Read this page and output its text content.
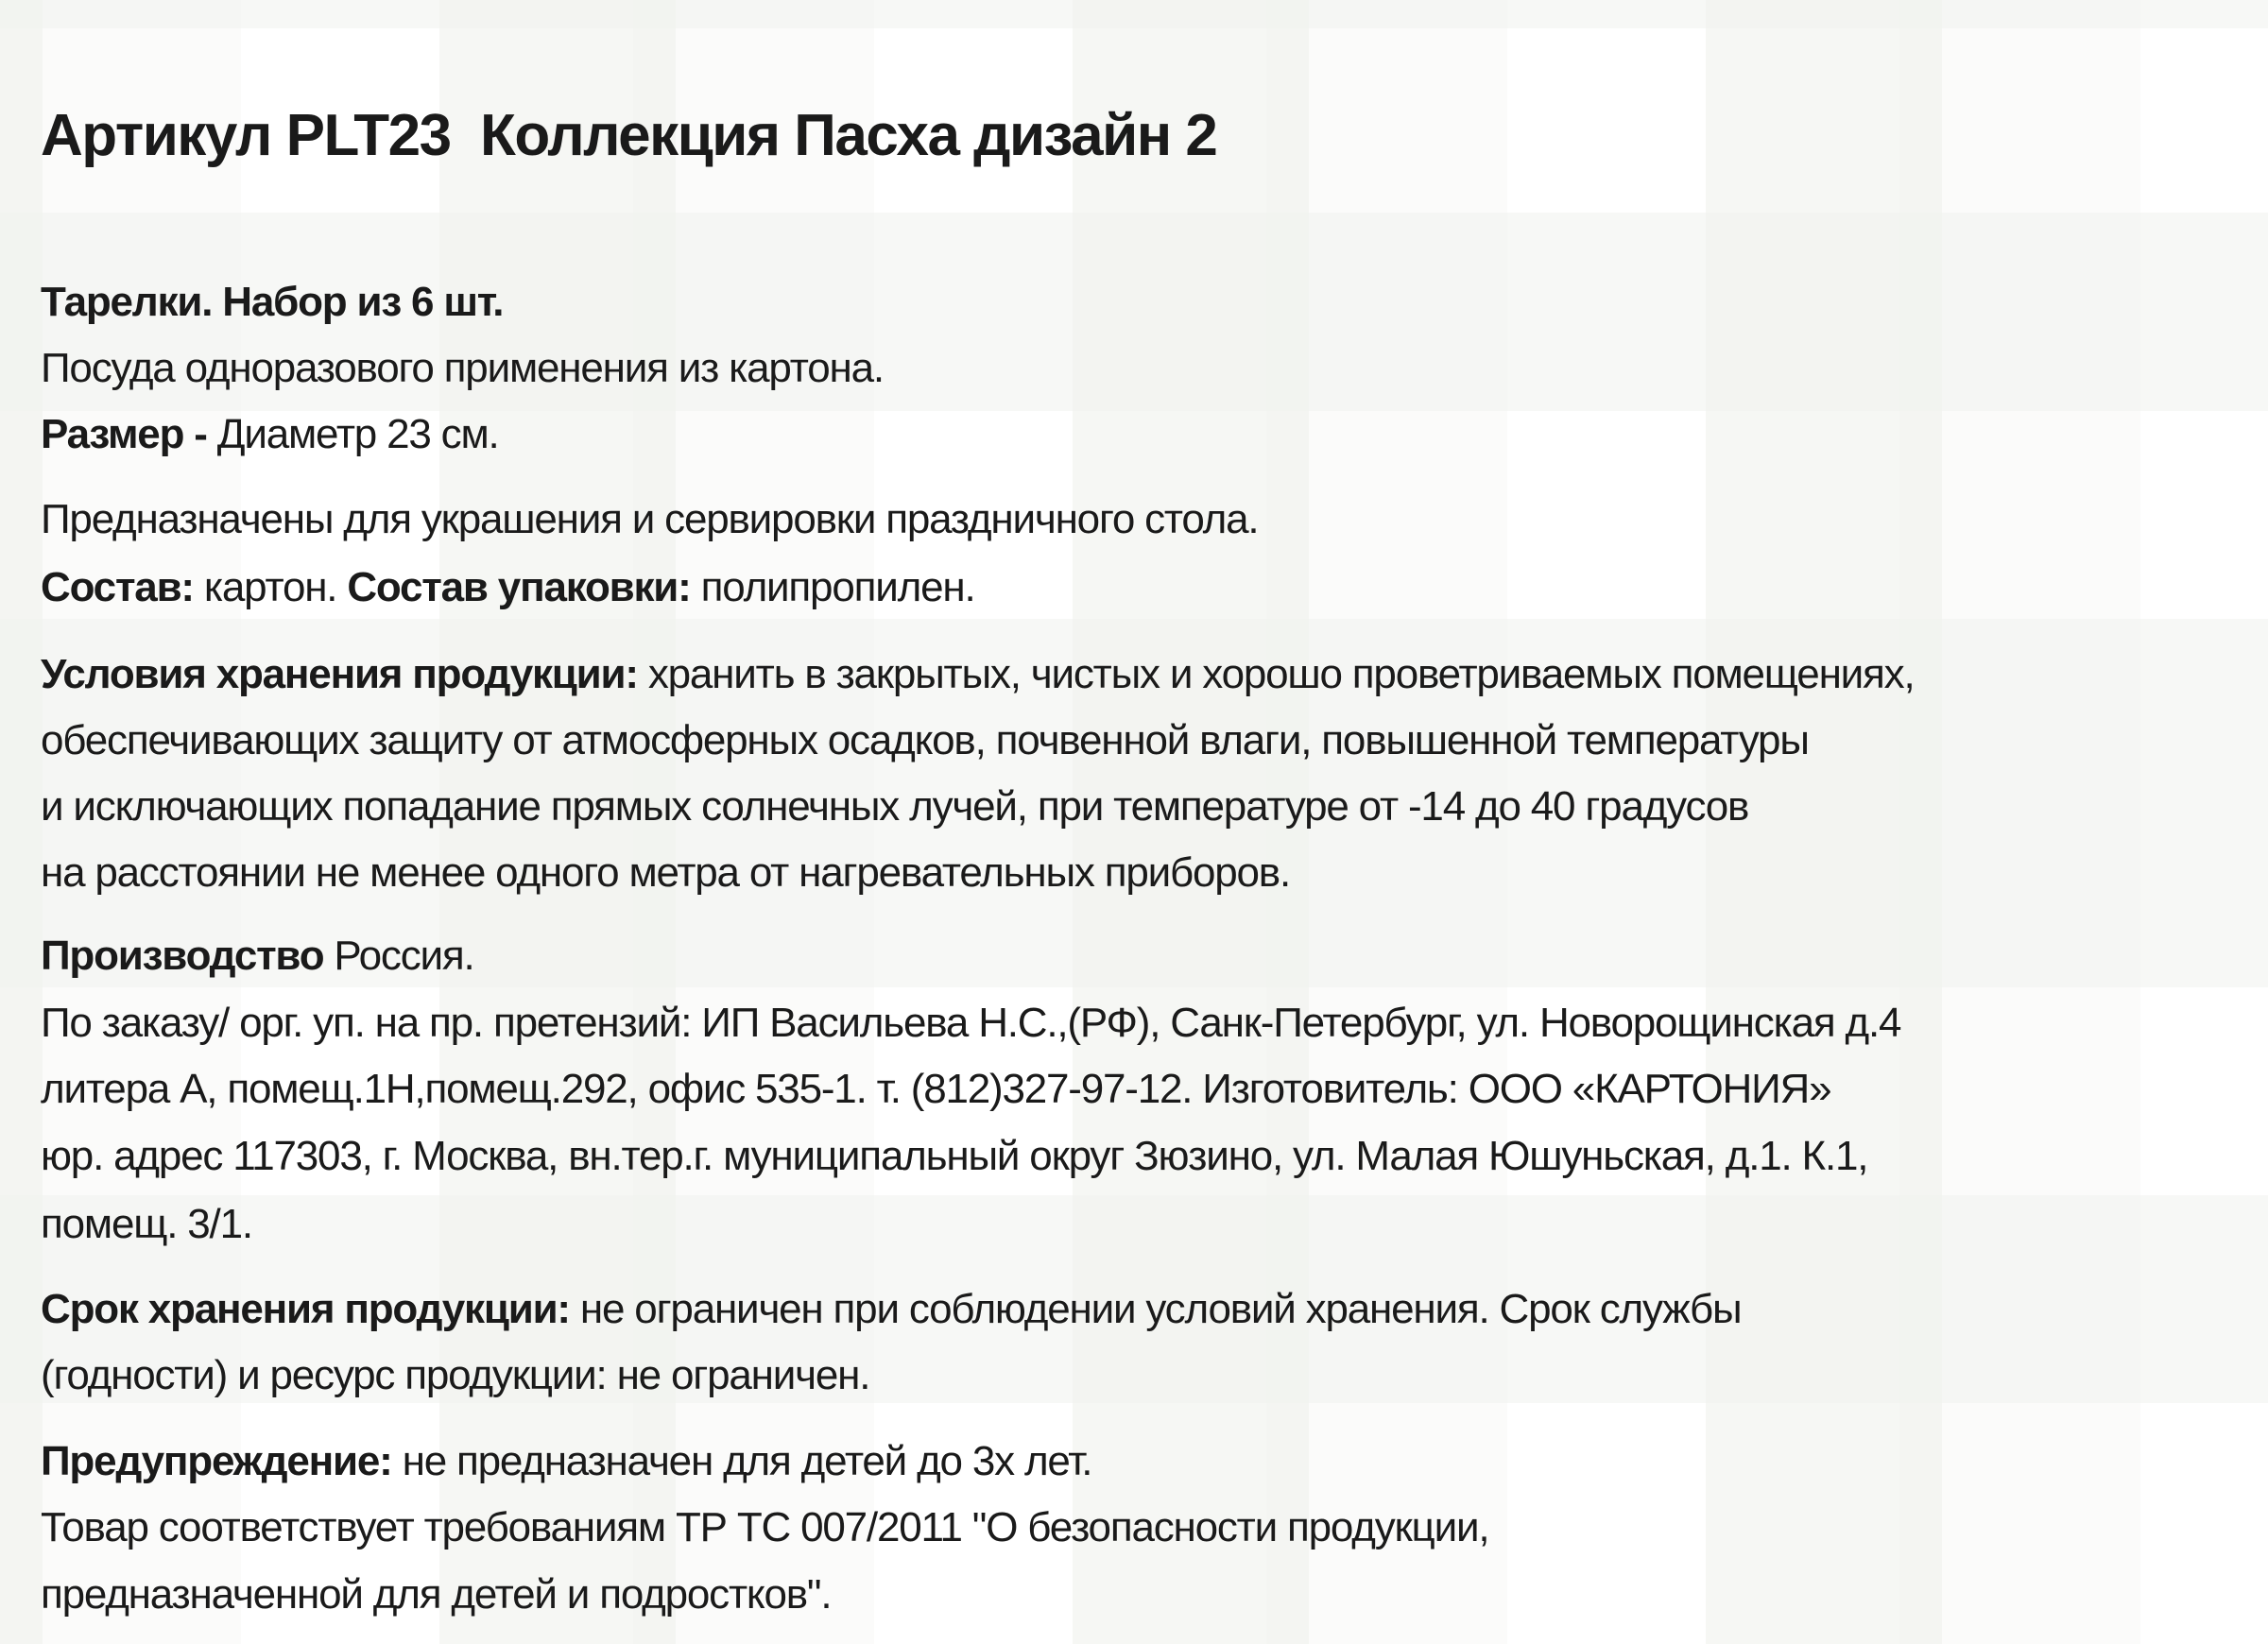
Артикул PLT23  Коллекция Пасха дизайн 2
Тарелки. Набор из 6 шт.
Посуда одноразового применения из картона.
Размер - Диаметр 23 см.
Предназначены для украшения и сервировки праздничного стола.
Состав: картон. Состав упаковки: полипропилен.
Условия хранения продукции: хранить в закрытых, чистых и хорошо проветриваемых помещениях,
обеспечивающих защиту от атмосферных осадков, почвенной влаги, повышенной температуры
и исключающих попадание прямых солнечных лучей, при температуре от -14 до 40 градусов
на расстоянии не менее одного метра от нагревательных приборов.
Производство Россия.
По заказу/ орг. уп. на пр. претензий: ИП Васильева Н.С.,(РФ), Санк-Петербург, ул. Новорощинская д.4
литера А, помещ.1Н,помещ.292, офис 535-1. т. (812)327-97-12. Изготовитель: ООО «КАРТОНИЯ»
юр. адрес 117303, г. Москва, вн.тер.г. муниципальный округ Зюзино, ул. Малая Юшуньская, д.1. К.1,
помещ. 3/1.
Срок хранения продукции: не ограничен при соблюдении условий хранения. Срок службы
(годности) и ресурс продукции: не ограничен.
Предупреждение: не предназначен для детей до 3х лет.
Товар соответствует требованиям ТР ТС 007/2011 "О безопасности продукции,
предназначенной для детей и подростков".
